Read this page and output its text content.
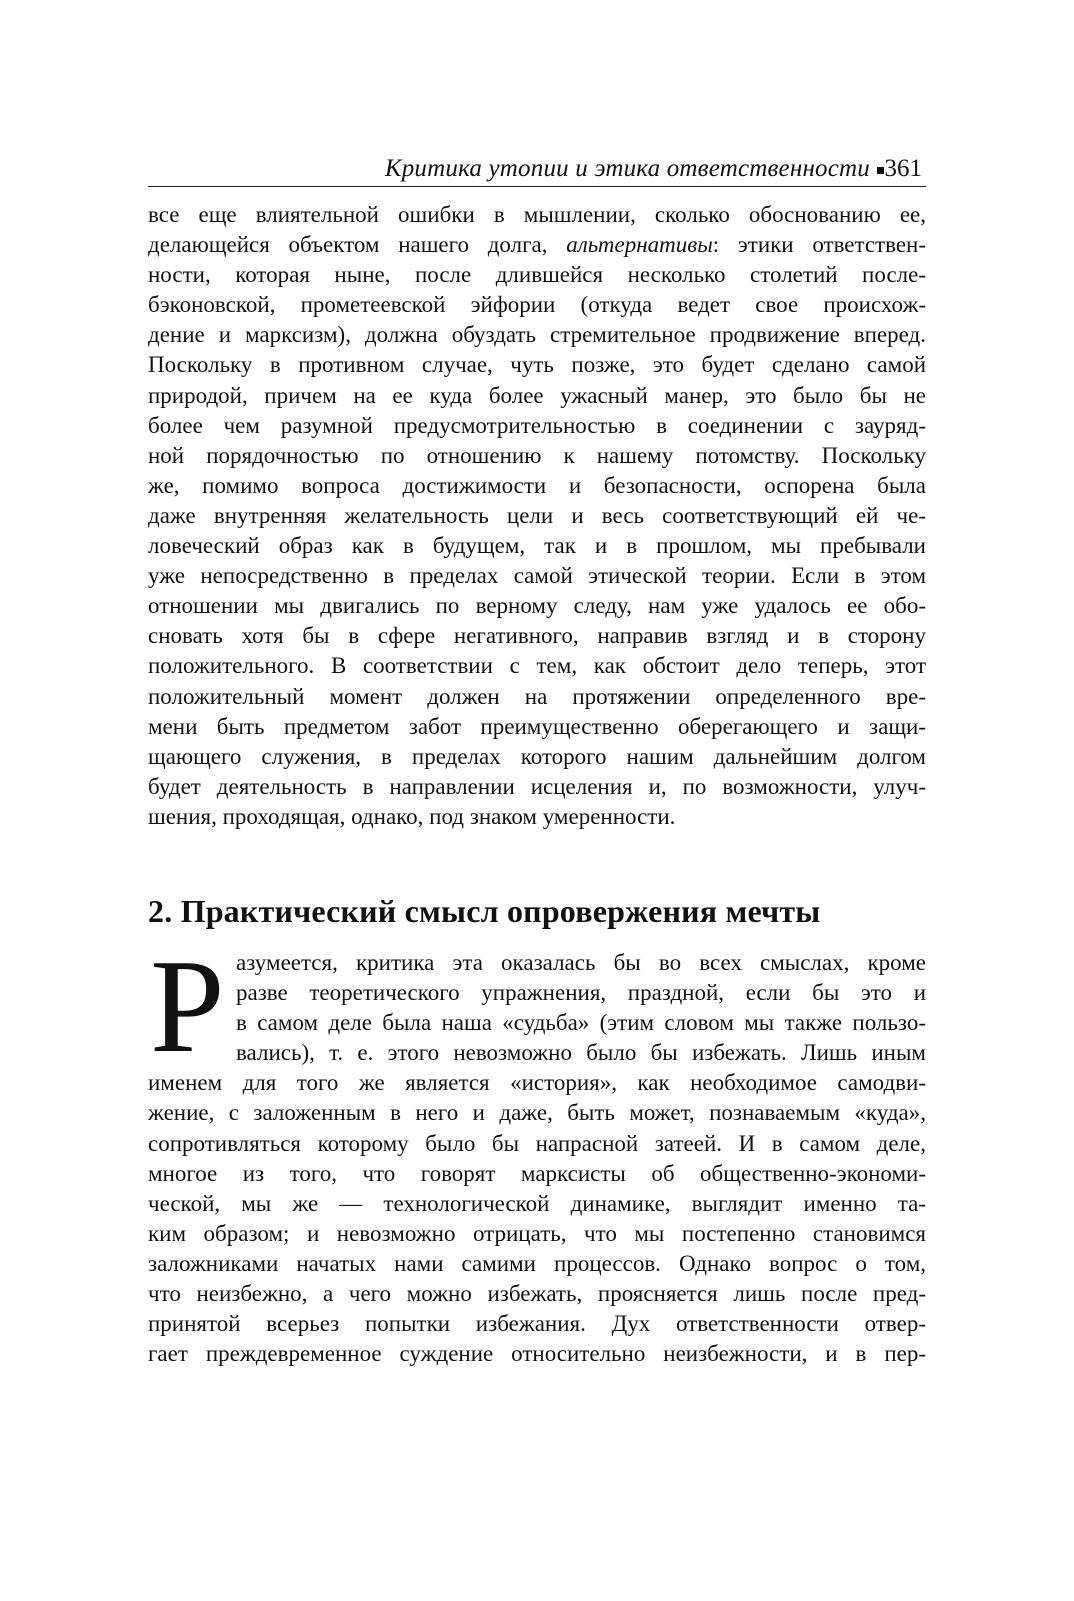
Критика утопии и этика ответственности 361
все еще влиятельной ошибки в мышлении, сколько обоснованию ее,
делающейся объектом нашего долга, альтернативы: этики ответствен-
ности, которая ныне, после длившейся несколько столетий после-
бэконовской, прометеевской эйфории (откуда ведет свое происхож-
дение и марксизм), должна обуздать стремительное продвижение вперед.
Поскольку в противном случае, чуть позже, это будет сделано самой
природой, причем на ее куда более ужасный манер, это было бы не
более чем разумной предусмотрительностью в соединении с зауряд-
ной порядочностью по отношению к нашему потомству. Поскольку
же, помимо вопроса достижимости и безопасности, оспорена была
даже внутренняя желательность цели и весь соответствующий ей че-
ловеческий образ как в будущем, так и в прошлом, мы пребывали
уже непосредственно в пределах самой этической теории. Если в этом
отношении мы двигались по верному следу, нам уже удалось ее обо-
сновать хотя бы в сфере негативного, направив взгляд и в сторону
положительного. В соответствии с тем, как обстоит дело теперь, этот
положительный момент должен на протяжении определенного вре-
мени быть предметом забот преимущественно оберегающего и защи-
щающего служения, в пределах которого нашим дальнейшим долгом
будет деятельность в направлении исцеления и, по возможности, улуч-
шения, проходящая, однако, под знаком умеренности.
2. Практический смысл опровержения мечты
Р азумеется, критика эта оказалась бы во всех смыслах, кроме
разве теоретического упражнения, праздной, если бы это и
в самом деле была наша «судьба» (этим словом мы также пользо-
вались), т. е. этого невозможно было бы избежать. Лишь иным
именем для того же является «история», как необходимое самодви-
жение, с заложенным в него и даже, быть может, познаваемым «куда»,
сопротивляться которому было бы напрасной затеей. И в самом деле,
многое из того, что говорят марксисты об общественно-экономи-
ческой, мы же — технологической динамике, выглядит именно та-
ким образом; и невозможно отрицать, что мы постепенно становимся
заложниками начатых нами самими процессов. Однако вопрос о том,
что неизбежно, а чего можно избежать, проясняется лишь после пред-
принятой всерьез попытки избежания. Дух ответственности отвер-
гает преждевременное суждение относительно неизбежности, и в пер-
